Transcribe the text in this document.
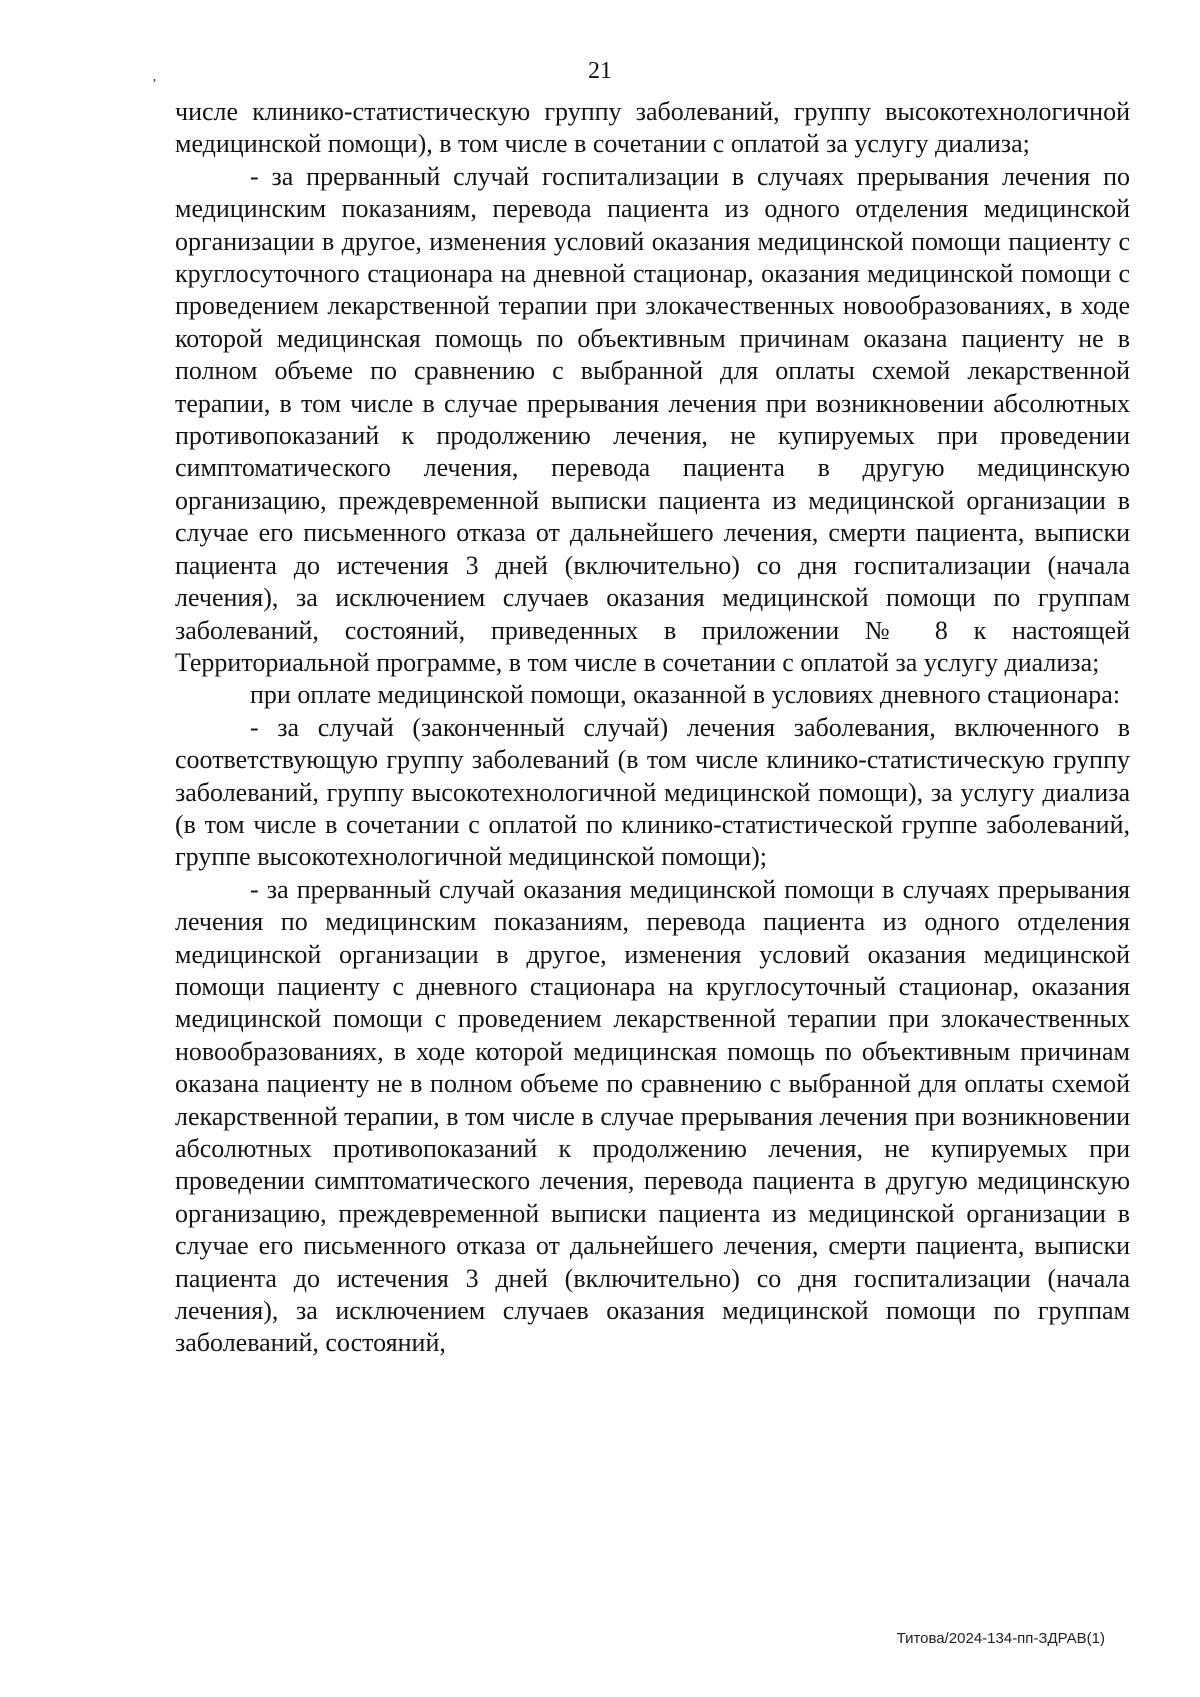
21
ʼ

числе клинико-статистическую группу заболеваний, группу высокотехнологичной медицинской помощи), в том числе в сочетании с оплатой за услугу диализа;

- за прерванный случай госпитализации в случаях прерывания лечения по медицинским показаниям, перевода пациента из одного отделения медицинской организации в другое, изменения условий оказания медицинской помощи пациенту с круглосуточного стационара на дневной стационар, оказания медицинской помощи с проведением лекарственной терапии при злокачественных новообразованиях, в ходе которой медицинская помощь по объективным причинам оказана пациенту не в полном объеме по сравнению с выбранной для оплаты схемой лекарственной терапии, в том числе в случае прерывания лечения при возникновении абсолютных противопоказаний к продолжению лечения, не купируемых при проведении симптоматического лечения, перевода пациента в другую медицинскую организацию, преждевременной выписки пациента из медицинской организации в случае его письменного отказа от дальнейшего лечения, смерти пациента, выписки пациента до истечения 3 дней (включительно) со дня госпитализации (начала лечения), за исключением случаев оказания медицинской помощи по группам заболеваний, состояний, приведенных в приложении № 8 к настоящей Территориальной программе, в том числе в сочетании с оплатой за услугу диализа;

при оплате медицинской помощи, оказанной в условиях дневного стационара:

- за случай (законченный случай) лечения заболевания, включенного в соответствующую группу заболеваний (в том числе клинико-статистическую группу заболеваний, группу высокотехнологичной медицинской помощи), за услугу диализа (в том числе в сочетании с оплатой по клинико-статистической группе заболеваний, группе высокотехнологичной медицинской помощи);

- за прерванный случай оказания медицинской помощи в случаях прерывания лечения по медицинским показаниям, перевода пациента из одного отделения медицинской организации в другое, изменения условий оказания медицинской помощи пациенту с дневного стационара на круглосуточный стационар, оказания медицинской помощи с проведением лекарственной терапии при злокачественных новообразованиях, в ходе которой медицинская помощь по объективным причинам оказана пациенту не в полном объеме по сравнению с выбранной для оплаты схемой лекарственной терапии, в том числе в случае прерывания лечения при возникновении абсолютных противопоказаний к продолжению лечения, не купируемых при проведении симптоматического лечения, перевода пациента в другую медицинскую организацию, преждевременной выписки пациента из медицинской организации в случае его письменного отказа от дальнейшего лечения, смерти пациента, выписки пациента до истечения 3 дней (включительно) со дня госпитализации (начала лечения), за исключением случаев оказания медицинской помощи по группам заболеваний, состояний,

Титова/2024-134-пп-ЗДРАВ(1)
